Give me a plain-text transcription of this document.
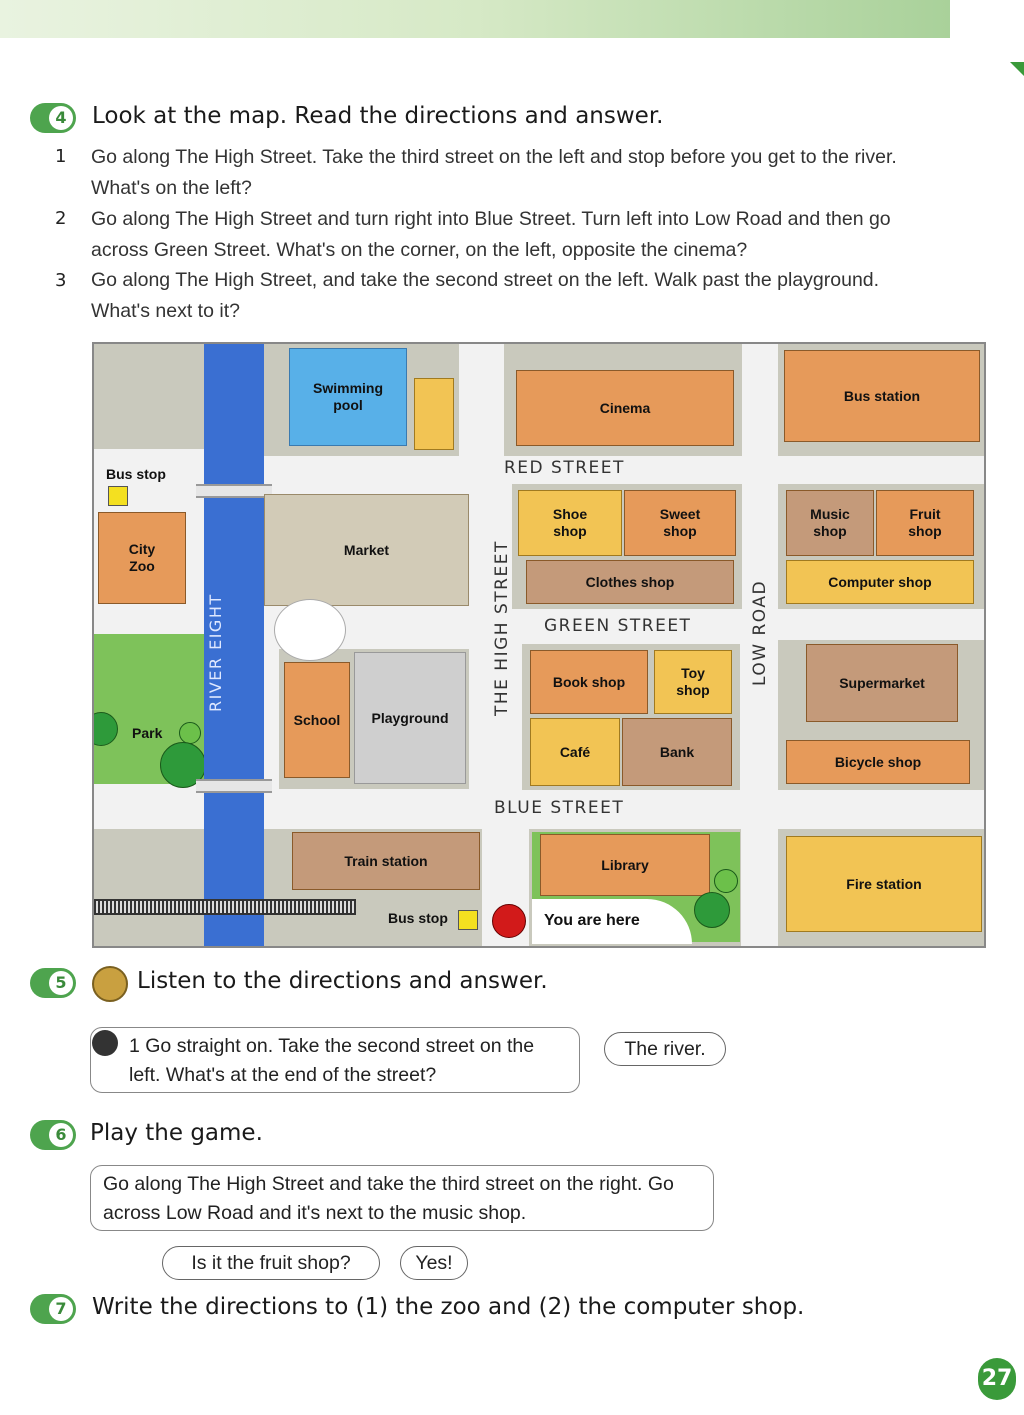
4 Look at the map. Read the directions and answer.
1 Go along The High Street. Take the third street on the left and stop before you get to the river. What's on the left?
2 Go along The High Street and turn right into Blue Street. Turn left into Low Road and then go across Green Street. What's on the corner, on the left, opposite the cinema?
3 Go along The High Street, and take the second street on the left. Walk past the playground. What's next to it?
Park
RIVER EIGHT
Swimming pool	Cinema
Bus station
Bus stop
City Zoo
Market
School Playground
RED STREET
Shoe shop
Sweet shop
Clothes shop
Music shop
Fruit shop
Computer shop
GREEN STREET
Book shop
Toy shop
Café	Bank
Supermarket
Bicycle shop
THE HIGH STREET	LOW ROAD
BLUE STREET
Train station
Bus stop
Library
You are here
Fire station
5	Listen to the directions and answer.
1 Go straight on. Take the second street on the left. What's at the end of the street?
The river.
6 Play the game.
Go along The High Street and take the third street on the right. Go across Low Road and it's next to the music shop.
Is it the fruit shop?	Yes!
7 Write the directions to (1) the zoo and (2) the computer shop.
27
